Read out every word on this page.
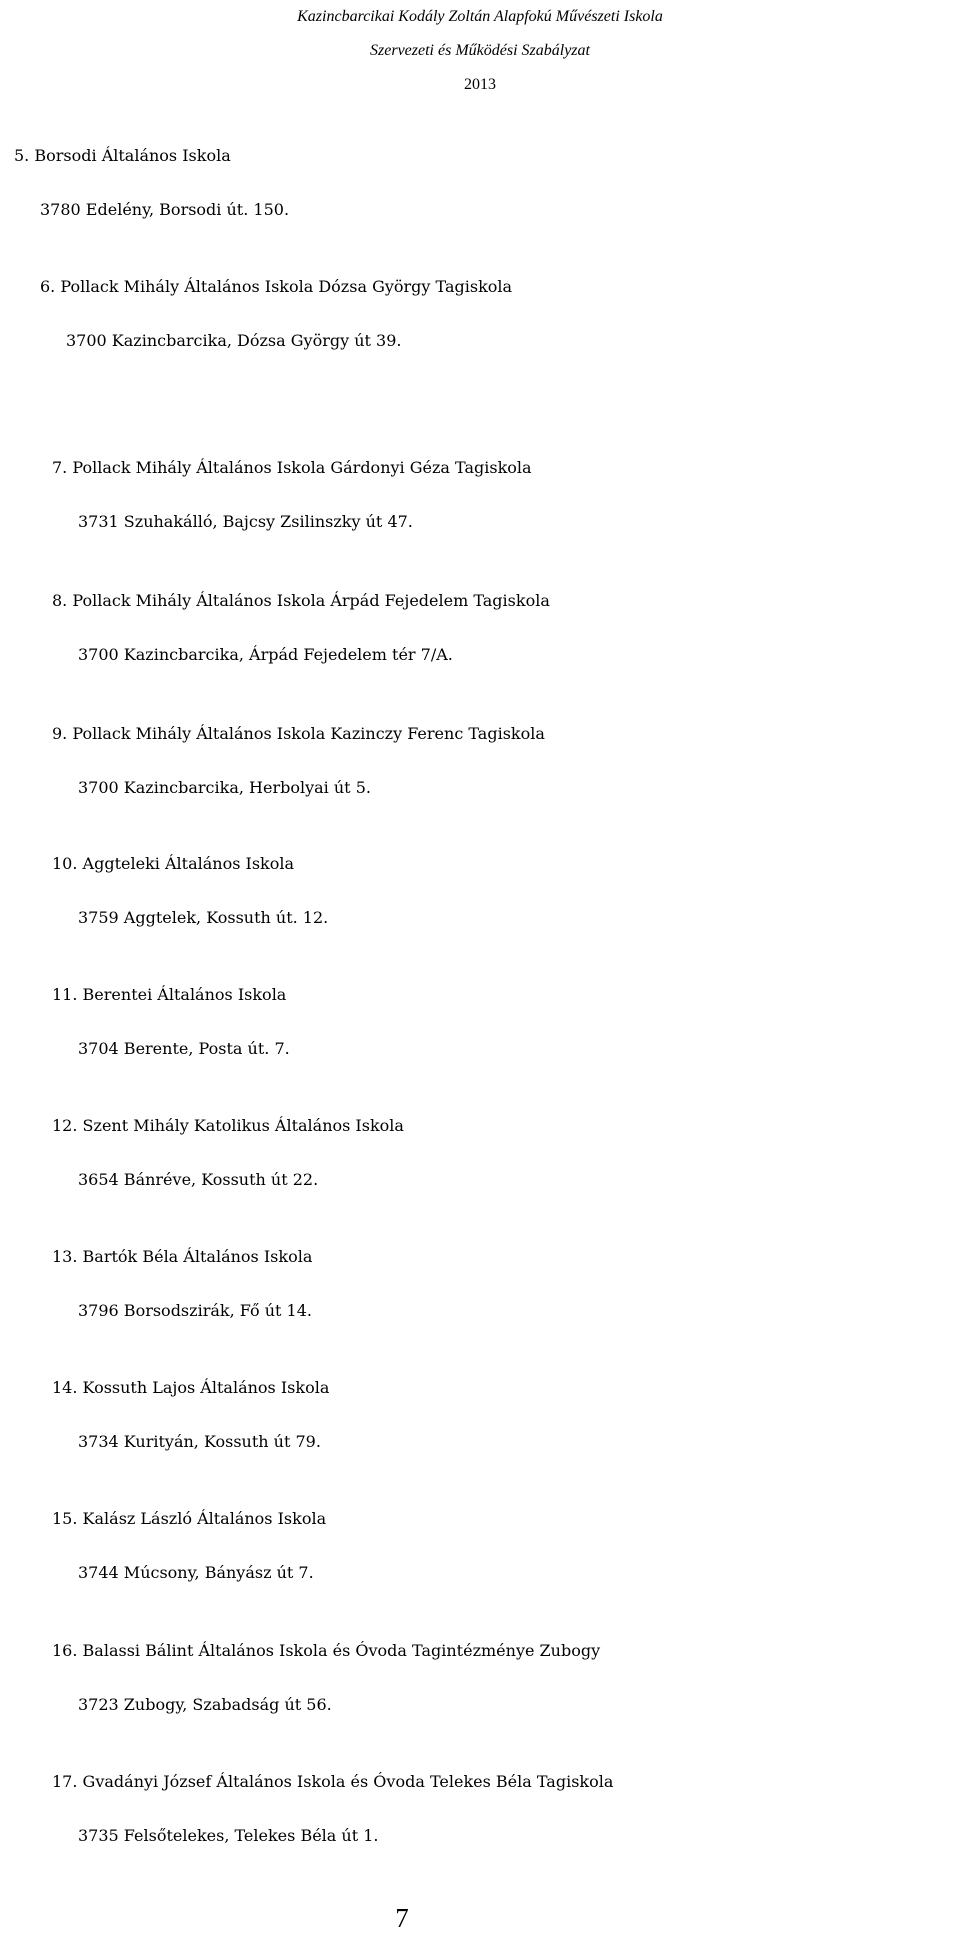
Kazincbarcikai Kodály Zoltán Alapfokú Művészeti Iskola
Szervezeti és Működési Szabályzat
2013
5. Borsodi Általános Iskola
3780 Edelény, Borsodi út. 150.
6. Pollack Mihály Általános Iskola Dózsa György Tagiskola
3700 Kazincbarcika, Dózsa György út 39.
7. Pollack Mihály Általános Iskola Gárdonyi Géza Tagiskola
3731 Szuhakálló, Bajcsy Zsilinszky út 47.
8. Pollack Mihály Általános Iskola Árpád Fejedelem Tagiskola
3700 Kazincbarcika, Árpád Fejedelem tér 7/A.
9. Pollack Mihály Általános Iskola Kazinczy Ferenc Tagiskola
3700 Kazincbarcika, Herbolyai út 5.
10. Aggteleki Általános Iskola
3759 Aggtelek, Kossuth út. 12.
11. Berentei Általános Iskola
3704 Berente, Posta út. 7.
12. Szent Mihály Katolikus Általános Iskola
3654 Bánréve, Kossuth út 22.
13. Bartók Béla Általános Iskola
3796 Borsodszirák, Fő út 14.
14. Kossuth Lajos Általános Iskola
3734 Kurityán, Kossuth út 79.
15. Kalász László Általános Iskola
3744 Múcsony, Bányász út 7.
16. Balassi Bálint Általános Iskola és Óvoda Tagintézménye Zubogy
3723 Zubogy, Szabadság út 56.
17. Gvadányi József Általános Iskola és Óvoda Telekes Béla Tagiskola
3735 Felsőtelekes, Telekes Béla út 1.
7
